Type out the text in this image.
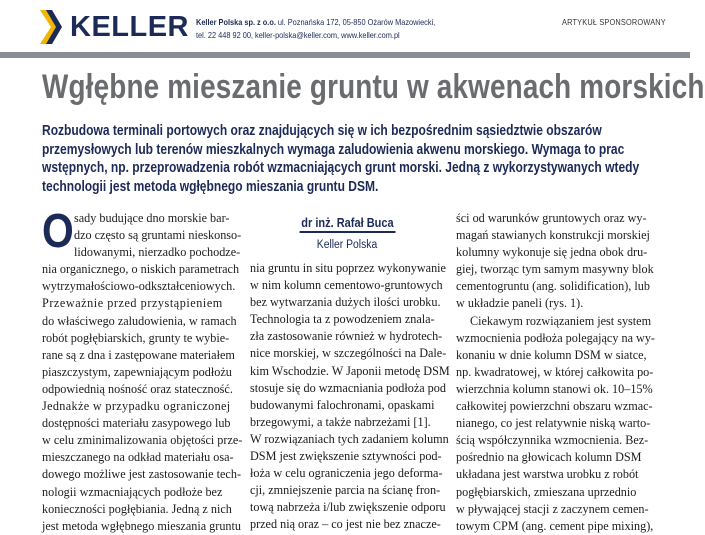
KELLER Keller Polska sp. z o.o. ul. Poznańska 172, 05-850 Ożarów Mazowiecki,
tel. 22 448 92 00, keller-polska@keller.com, www.keller.com.pl
ARTYKUŁ SPONSOROWANY
Wgłębne mieszanie gruntu w akwenach morskich
Rozbudowa terminali portowych oraz znajdujących się w ich bezpośrednim sąsiedztwie obszarów
przemysłowych lub terenów mieszkalnych wymaga zaludowienia akwenu morskiego. Wymaga to prac
wstępnych, np. przeprowadzenia robót wzmacniających grunt morski. Jedną z wykorzystywanych wtedy
technologii jest metoda wgłębnego mieszania gruntu DSM.
O sady budujące dno morskie bar-
dzo często są gruntami nieskonso-
lidowanymi, nierzadko pochodze-
nia organicznego, o niskich parametrach
wytrzymałościowo-odkształceniowych.
Przeważnie przed przystąpieniem
do właściwego zaludowienia, w ramach
robót pogłębiarskich, grunty te wybie-
rane są z dna i zastępowane materiałem
piaszczystym, zapewniającym podłożu
odpowiednią nośność oraz stateczność.
Jednakże w przypadku ograniczonej
dostępności materiału zasypowego lub
w celu zminimalizowania objętości prze-
mieszczanego na odkład materiału osa-
dowego możliwe jest zastosowanie tech-
nologii wzmacniających podłoże bez
konieczności pogłębiania. Jedną z nich
jest metoda wgłębnego mieszania gruntu
dr inż. Rafał Buca
Keller Polska
nia gruntu in situ poprzez wykonywanie
w nim kolumn cementowo-gruntowych
bez wytwarzania dużych ilości urobku.
Technologia ta z powodzeniem znala-
zła zastosowanie również w hydrotech-
nice morskiej, w szczególności na Dale-
kim Wschodzie. W Japonii metodę DSM
stosuje się do wzmacniania podłoża pod
budowanymi falochronami, opaskami
brzegowymi, a także nabrzeżami [1].
W rozwiązaniach tych zadaniem kolumn
DSM jest zwiększenie sztywności pod-
łoża w celu ograniczenia jego deforma-
cji, zmniejszenie parcia na ścianę fron-
tową nabrzeża i/lub zwiększenie odporu
przed nią oraz – co jest nie bez znacze-
ści od warunków gruntowych oraz wy-
magań stawianych konstrukcji morskiej
kolumny wykonuje się jedna obok dru-
giej, tworząc tym samym masywny blok
cementogruntu (ang. solidification), lub
w układzie paneli (rys. 1).
Ciekawym rozwiązaniem jest system
wzmocnienia podłoża polegający na wy-
konaniu w dnie kolumn DSM w siatce,
np. kwadratowej, w której całkowita po-
wierzchnia kolumn stanowi ok. 10–15%
całkowitej powierzchni obszaru wzmac-
nianego, co jest relatywnie niską warto-
ścią współczynnika wzmocnienia. Bez-
pośrednio na głowicach kolumn DSM
układana jest warstwa urobku z robót
pogłębiarskich, zmieszana uprzednio
w pływającej stacji z zaczynem cemen-
towym CPM (ang. cement pipe mixing),
